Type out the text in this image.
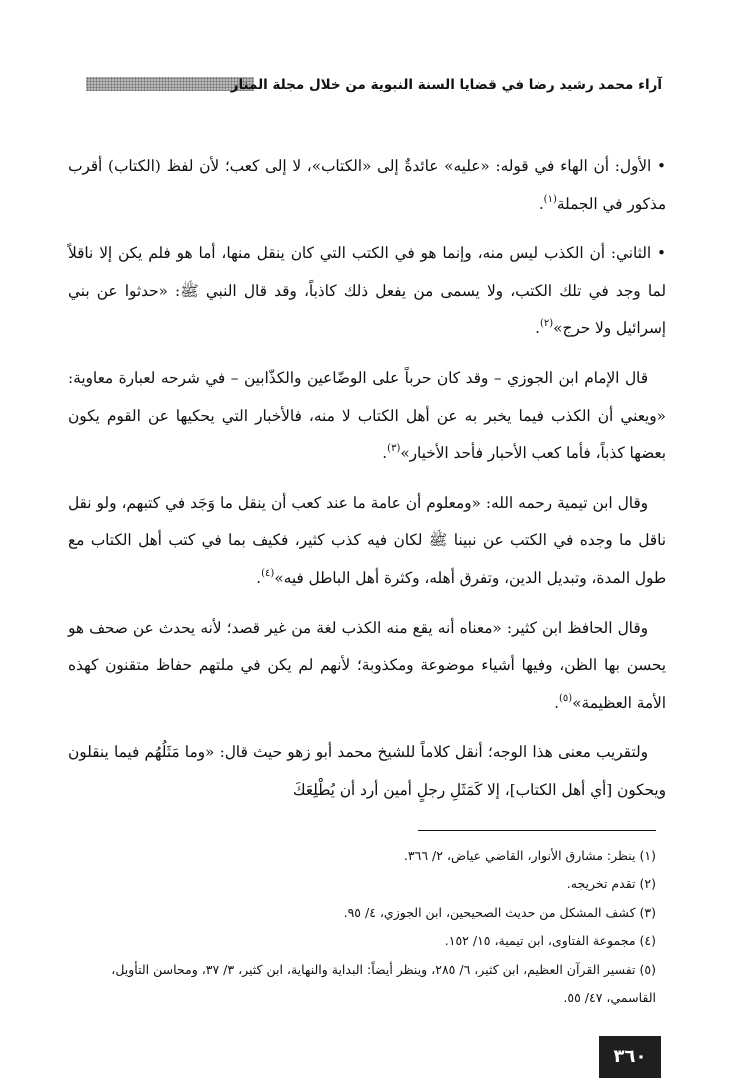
آراء محمد رشيد رضا في قضايا السنة النبوية من خلال مجلة المنار

• الأول: أن الهاء في قوله: «عليه» عائدةٌ إلى «الكتاب»، لا إلى كعب؛ لأن لفظ (الكتاب) أقرب مذكور في الجملة$^{(١)}$.

• الثاني: أن الكذب ليس منه، وإنما هو في الكتب التي كان ينقل منها، أما هو فلم يكن إلا ناقلاً لما وجد في تلك الكتب، ولا يسمى من يفعل ذلك كاذباً، وقد قال النبي ﷺ: «حدثوا عن بني إسرائيل ولا حرج»$^{(٢)}$.

قال الإمام ابن الجوزي – وقد كان حرباً على الوضّاعين والكذّابين – في شرحه لعبارة معاوية: «ويعني أن الكذب فيما يخبر به عن أهل الكتاب لا منه، فالأخبار التي يحكيها عن القوم يكون بعضها كذباً، فأما كعب الأحبار فأحد الأخيار»$^{(٣)}$.

وقال ابن تيمية رحمه الله: «ومعلوم أن عامة ما عند كعب أن ينقل ما وَجَد في كتبهم، ولو نقل ناقل ما وجده في الكتب عن نبينا ﷺ لكان فيه كذب كثير، فكيف بما في كتب أهل الكتاب مع طول المدة، وتبديل الدين، وتفرق أهله، وكثرة أهل الباطل فيه»$^{(٤)}$.

وقال الحافظ ابن كثير: «معناه أنه يقع منه الكذب لغة من غير قصد؛ لأنه يحدث عن صحف هو يحسن بها الظن، وفيها أشياء موضوعة ومكذوبة؛ لأنهم لم يكن في ملتهم حفاظ متقنون كهذه الأمة العظيمة»$^{(٥)}$.

ولتقريب معنى هذا الوجه؛ أنقل كلاماً للشيخ محمد أبو زهو حيث قال: «وما مَثَلُهُم فيما ينقلون ويحكون [أي أهل الكتاب]، إلا كَمَثَلِ رجلٍ أمين أرد أن يُطْلِعَكَ

(١) ينظر: مشارق الأنوار، القاضي عياض، ٢/ ٣٦٦.
(٢) تقدم تخريجه.
(٣) كشف المشكل من حديث الصحيحين، ابن الجوزي، ٤/ ٩٥.
(٤) مجموعة الفتاوى، ابن تيمية، ١٥/ ١٥٢.
(٥) تفسير القرآن العظيم، ابن كثير، ٦/ ٢٨٥، وينظر أيضاً: البداية والنهاية، ابن كثير، ٣/ ٣٧، ومحاسن التأويل، القاسمي، ٤٧/ ٥٥.
٣٦٠
